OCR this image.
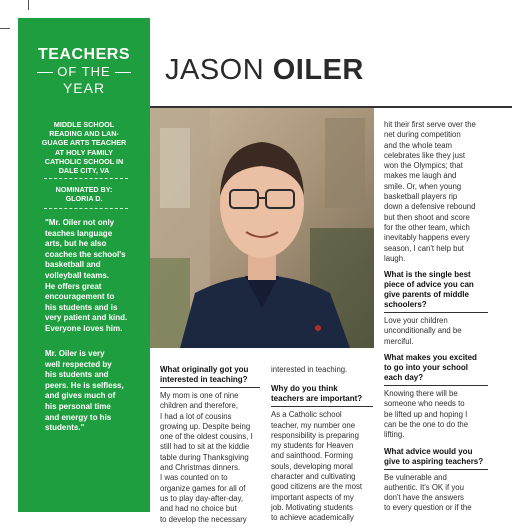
TEACHERS
OF THE
YEAR
MIDDLE SCHOOL
READING AND LAN-
GUAGE ARTS TEACHER
AT HOLY FAMILY
CATHOLIC SCHOOL IN
DALE CITY, VA
NOMINATED BY:
GLORIA D.
"Mr. Oiler not only
teaches language
arts, but he also
coaches the school's
basketball and
volleyball teams.
He offers great
encouragement to
his students and is
very patient and kind.
Everyone loves him.
Mr. Oiler is very
well respected by
his students and
peers. He is selfless,
and gives much of
his personal time
and energy to his
students."
JASON OILER
What originally got you
interested in teaching?
My mom is one of nine
children and therefore,
I had a lot of cousins
growing up. Despite being
one of the oldest cousins, I
still had to sit at the kiddie
table during Thanksgiving
and Christmas dinners.
I was counted on to
organize games for all of
us to play day-after-day,
and had no choice but
to develop the necessary
interested in teaching.
Why do you think
teachers are important?
As a Catholic school
teacher, my number one
responsibility is preparing
my students for Heaven
and sainthood. Forming
souls, developing moral
character and cultivating
good citizens are the most
important aspects of my
job. Motivating students
to achieve academically
hit their first serve over the
net during competition
and the whole team
celebrates like they just
won the Olympics; that
makes me laugh and
smile. Or, when young
basketball players rip
down a defensive rebound
but then shoot and score
for the other team, which
inevitably happens every
season, I can't help but
laugh.
What is the single best
piece of advice you can
give parents of middle
schoolers?
Love your children
unconditionally and be
merciful.
What makes you excited
to go into your school
each day?
Knowing there will be
someone who needs to
be lifted up and hoping I
can be the one to do the
lifting.
What advice would you
give to aspiring teachers?
Be vulnerable and
authentic. It's OK if you
don't have the answers
to every question or if the
